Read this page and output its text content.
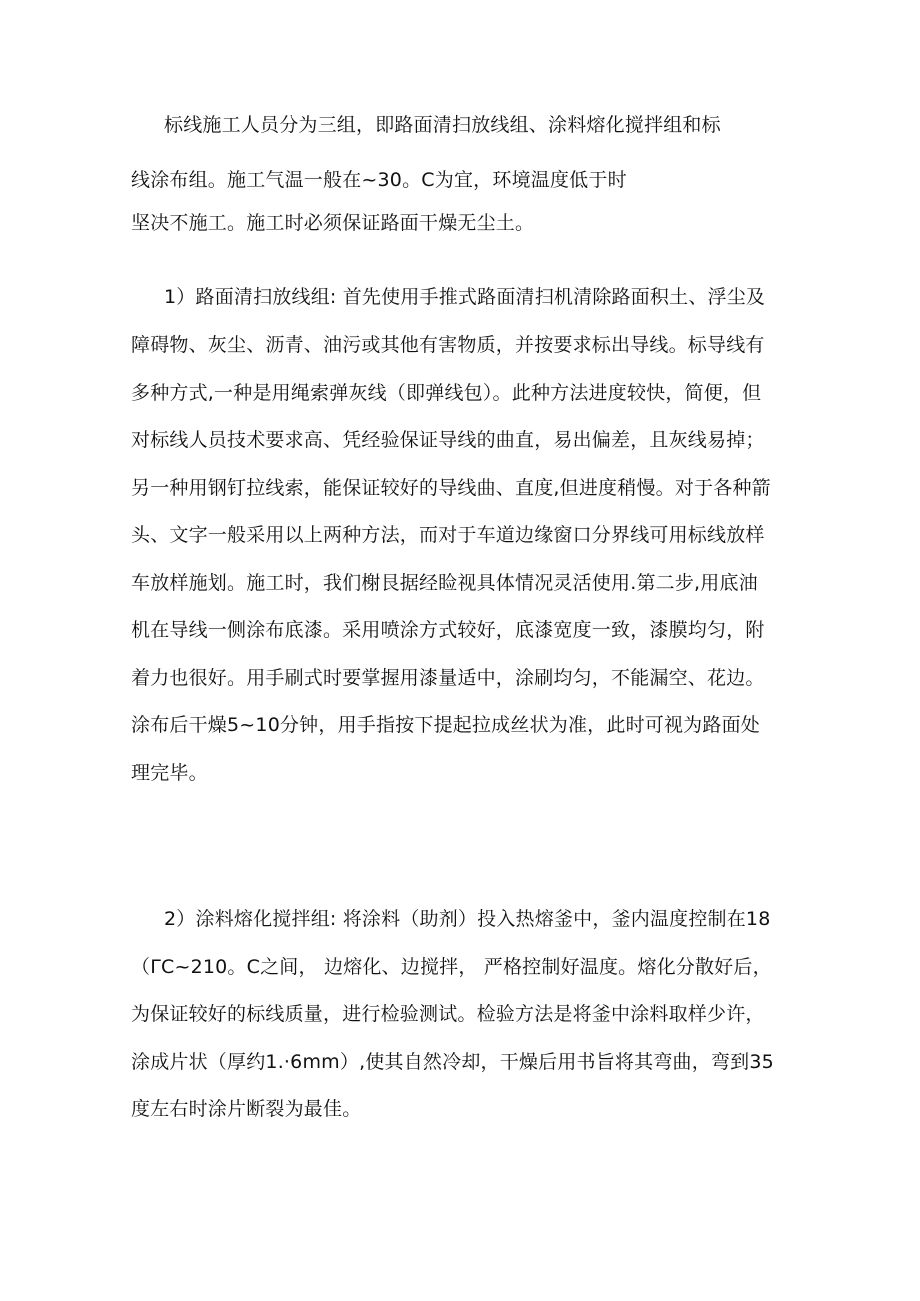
标线施工人员分为三组，即路面清扫放线组、涂料熔化搅拌组和标
线涂布组。施工气温一般在~30。C为宜，环境温度低于时
坚决不施工。施工时必须保证路面干燥无尘土。
1）路面清扫放线组: 首先使用手推式路面清扫机清除路面积土、浮尘及
障碍物、灰尘、沥青、油污或其他有害物质，并按要求标出导线。标导线有
多种方式,一种是用绳索弹灰线（即弹线包）。此种方法进度较快，简便，但
对标线人员技术要求高、凭经验保证导线的曲直，易出偏差，且灰线易掉；
另一种用钢钉拉线索，能保证较好的导线曲、直度,但进度稍慢。对于各种箭
头、文字一般采用以上两种方法，而对于车道边缘窗口分界线可用标线放样
车放样施划。施工时，我们榭艮据经睑视具体情况灵活使用.第二步,用底油
机在导线一侧涂布底漆。采用喷涂方式较好，底漆宽度一致，漆膜均匀，附
着力也很好。用手刷式时要掌握用漆量适中，涂刷均匀，不能漏空、花边。
涂布后干燥5~10分钟，用手指按下提起拉成丝状为准，此时可视为路面处
理完毕。
2）涂料熔化搅拌组: 将涂料（助剂）投入热熔釜中，釜内温度控制在18
（ΓC~210。C之间， 边熔化、边搅拌， 严格控制好温度。熔化分散好后，
为保证较好的标线质量，进行检验测试。检验方法是将釜中涂料取样少许，
涂成片状（厚约1.·6mm）,使其自然冷却，干燥后用书旨将其弯曲，弯到35
度左右时涂片断裂为最佳。
